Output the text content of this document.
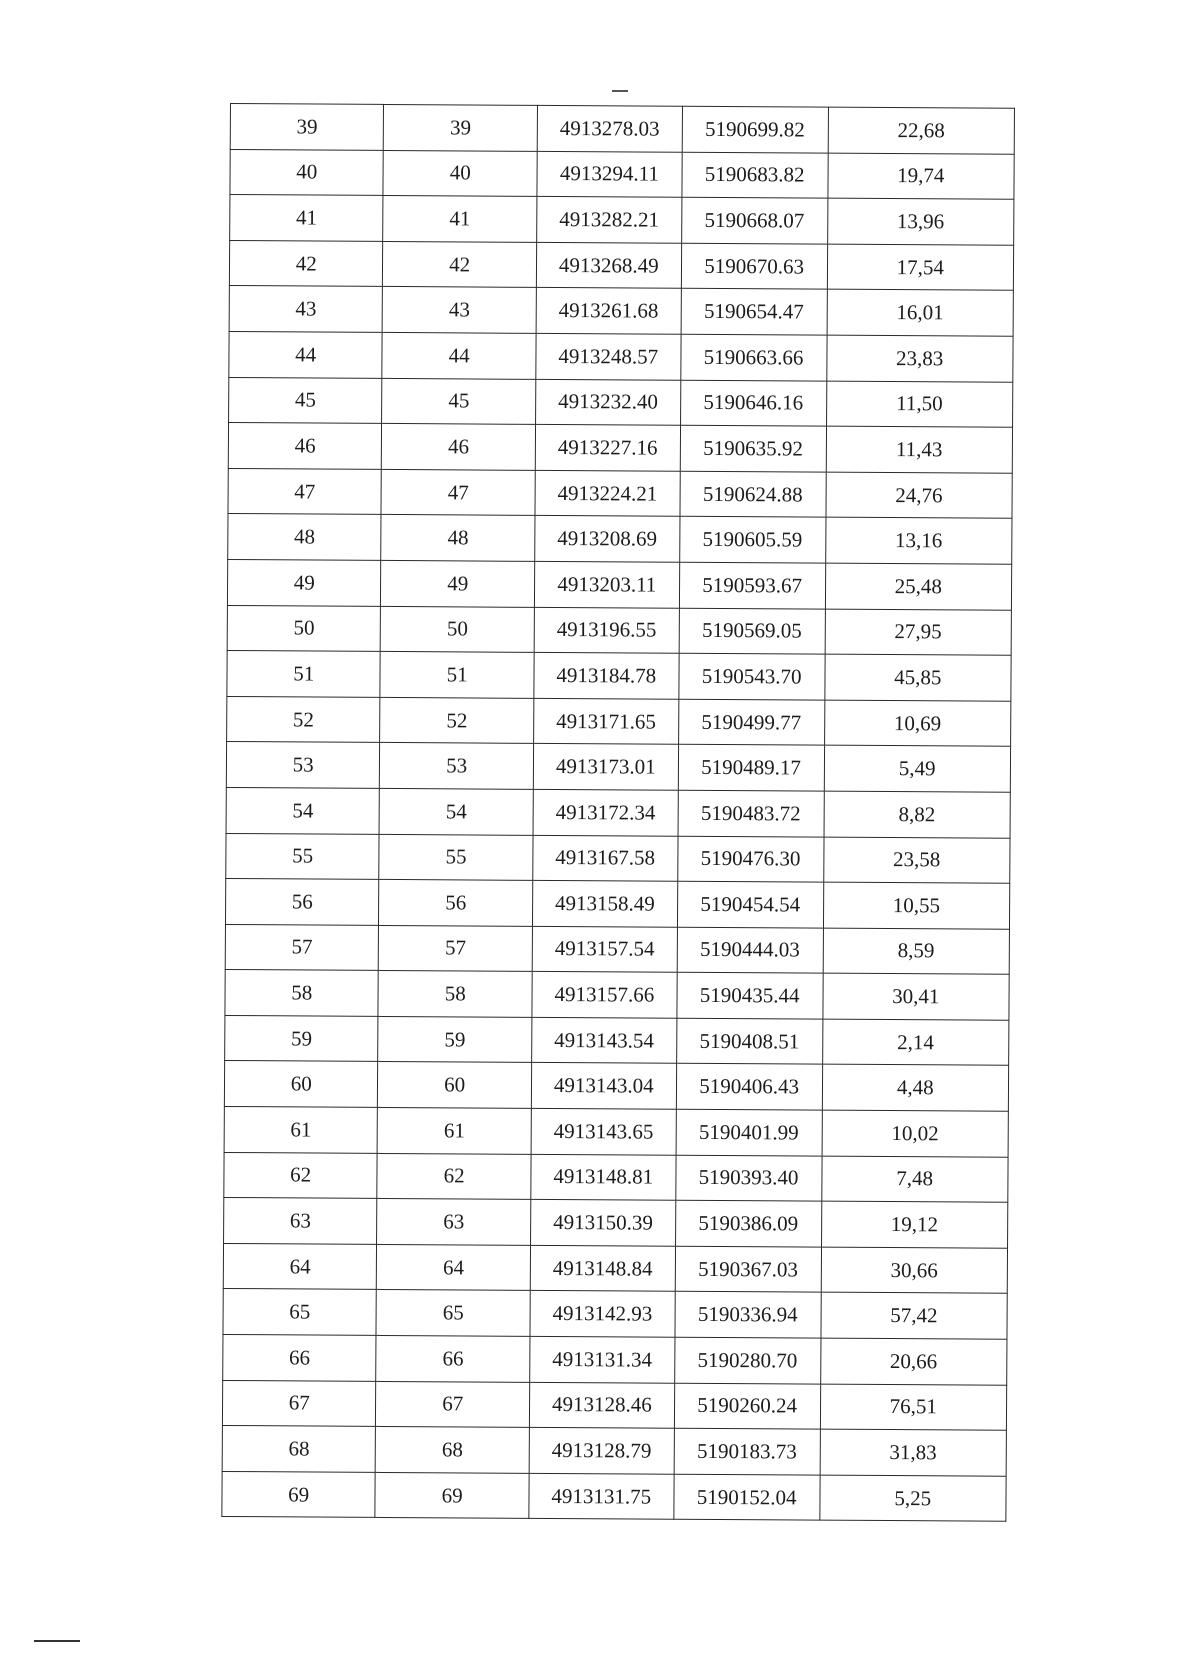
39	39	4913278.03	5190699.82	22,68
40	40	4913294.11	5190683.82	19,74
41	41	4913282.21	5190668.07	13,96
42	42	4913268.49	5190670.63	17,54
43	43	4913261.68	5190654.47	16,01
44	44	4913248.57	5190663.66	23,83
45	45	4913232.40	5190646.16	11,50
46	46	4913227.16	5190635.92	11,43
47	47	4913224.21	5190624.88	24,76
48	48	4913208.69	5190605.59	13,16
49	49	4913203.11	5190593.67	25,48
50	50	4913196.55	5190569.05	27,95
51	51	4913184.78	5190543.70	45,85
52	52	4913171.65	5190499.77	10,69
53	53	4913173.01	5190489.17	5,49
54	54	4913172.34	5190483.72	8,82
55	55	4913167.58	5190476.30	23,58
56	56	4913158.49	5190454.54	10,55
57	57	4913157.54	5190444.03	8,59
58	58	4913157.66	5190435.44	30,41
59	59	4913143.54	5190408.51	2,14
60	60	4913143.04	5190406.43	4,48
61	61	4913143.65	5190401.99	10,02
62	62	4913148.81	5190393.40	7,48
63	63	4913150.39	5190386.09	19,12
64	64	4913148.84	5190367.03	30,66
65	65	4913142.93	5190336.94	57,42
66	66	4913131.34	5190280.70	20,66
67	67	4913128.46	5190260.24	76,51
68	68	4913128.79	5190183.73	31,83
69	69	4913131.75	5190152.04	5,25
